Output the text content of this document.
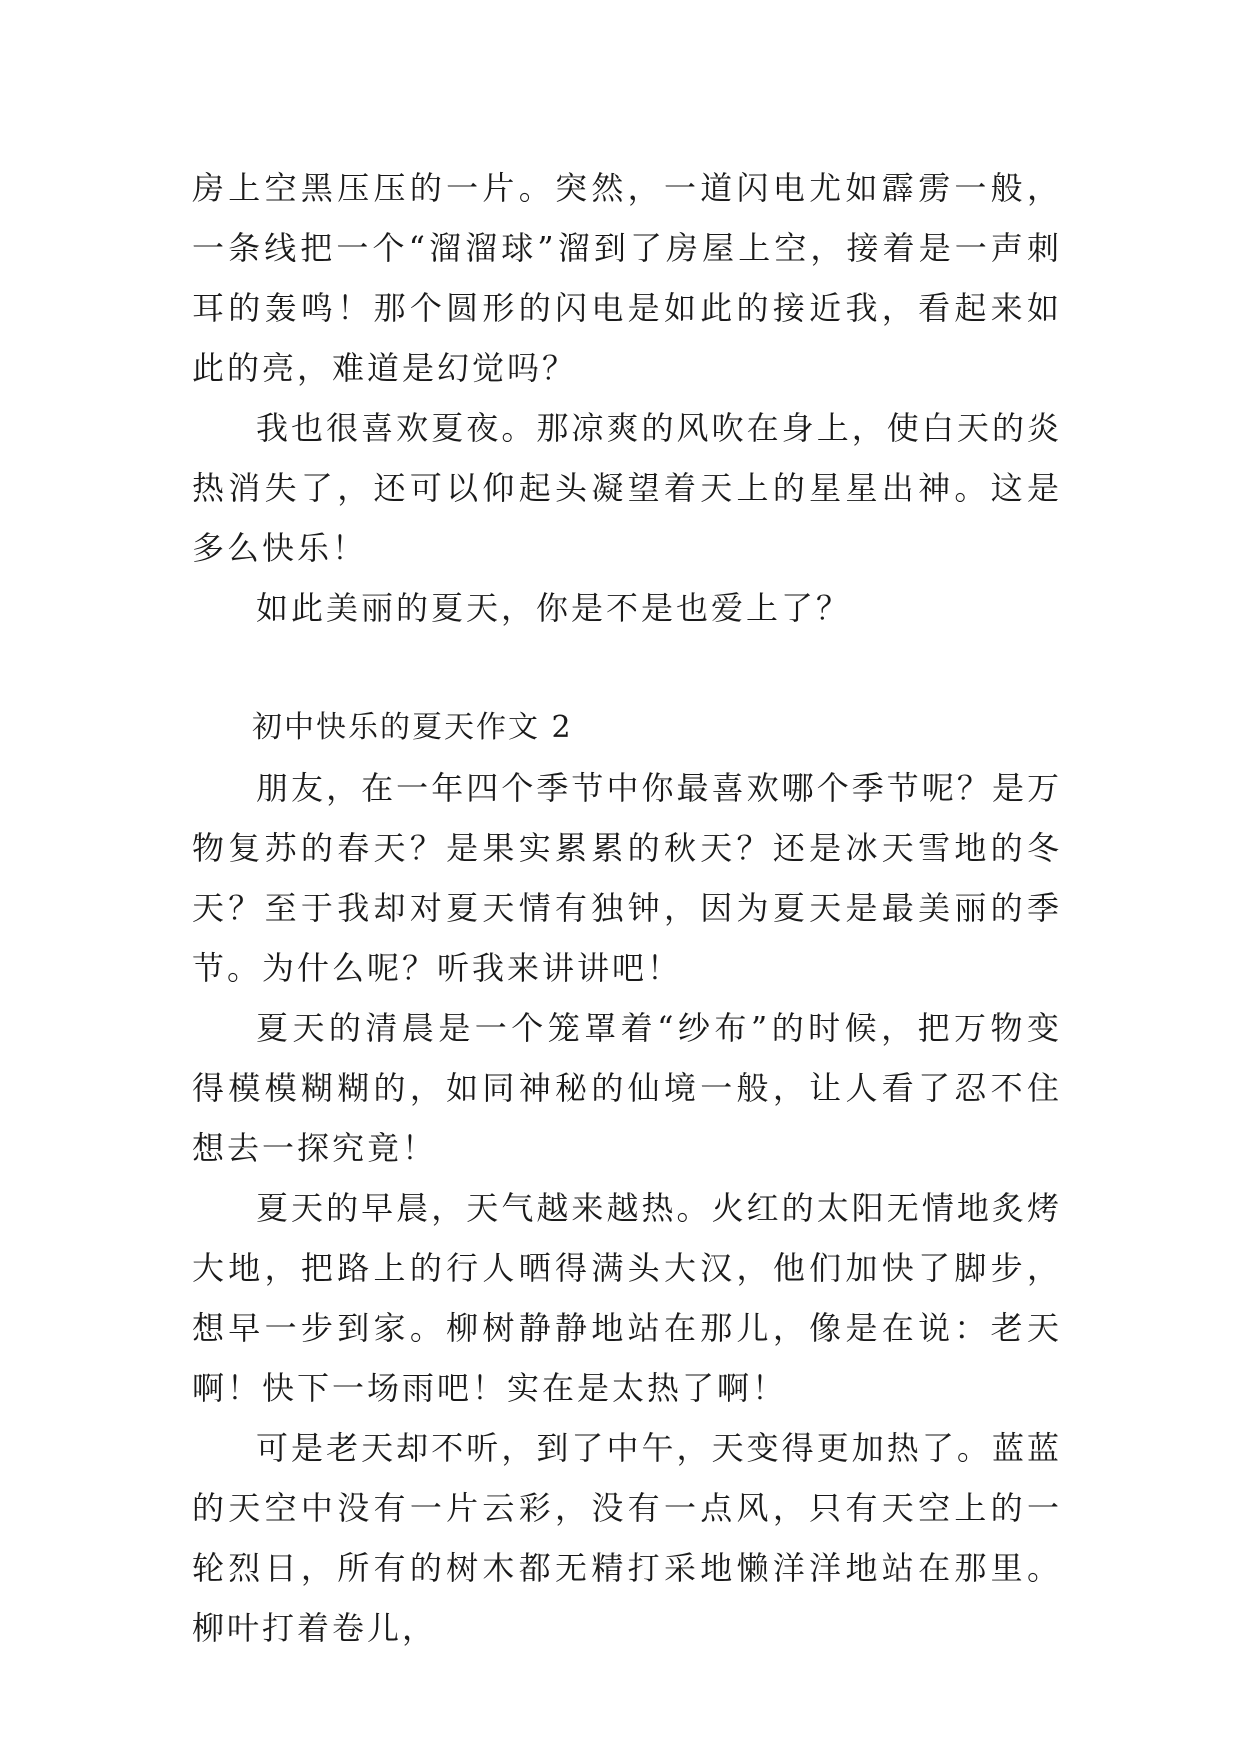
房上空黑压压的一片。突然，一道闪电尤如霹雳一般，一条线把一个“溜溜球”溜到了房屋上空，接着是一声刺耳的轰鸣！那个圆形的闪电是如此的接近我，看起来如此的亮，难道是幻觉吗？

我也很喜欢夏夜。那凉爽的风吹在身上，使白天的炎热消失了，还可以仰起头凝望着天上的星星出神。这是多么快乐！

如此美丽的夏天，你是不是也爱上了？

初中快乐的夏天作文 2

朋友，在一年四个季节中你最喜欢哪个季节呢？是万物复苏的春天？是果实累累的秋天？还是冰天雪地的冬天？至于我却对夏天情有独钟，因为夏天是最美丽的季节。为什么呢？听我来讲讲吧！

夏天的清晨是一个笼罩着“纱布”的时候，把万物变得模模糊糊的，如同神秘的仙境一般，让人看了忍不住想去一探究竟！

夏天的早晨，天气越来越热。火红的太阳无情地炙烤大地，把路上的行人晒得满头大汉，他们加快了脚步，想早一步到家。柳树静静地站在那儿，像是在说：老天啊！快下一场雨吧！实在是太热了啊！

可是老天却不听，到了中午，天变得更加热了。蓝蓝的天空中没有一片云彩，没有一点风，只有天空上的一轮烈日，所有的树木都无精打采地懒洋洋地站在那里。柳叶打着卷儿，
